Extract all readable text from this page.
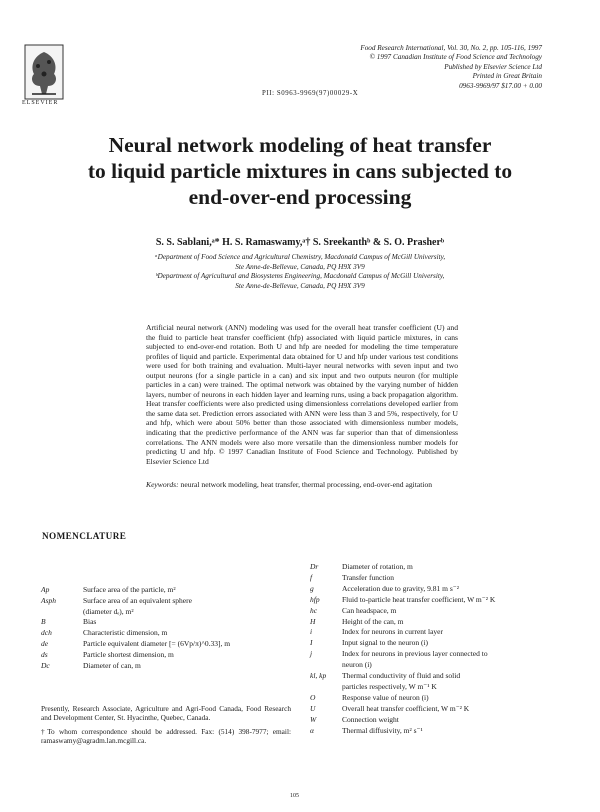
ELSEVIER
Food Research International, Vol. 30, No. 2, pp. 105-116, 1997
© 1997 Canadian Institute of Food Science and Technology
Published by Elsevier Science Ltd
Printed in Great Britain
0963-9969/97 $17.00 + 0.00
PII: S0963-9969(97)00029-X
Neural network modeling of heat transfer
to liquid particle mixtures in cans subjected to
end-over-end processing
S. S. Sablani,ᵃ* H. S. Ramaswamy,ᵃ† S. Sreekanthᵇ & S. O. Prasherᵇ
ᵃDepartment of Food Science and Agricultural Chemistry, Macdonald Campus of McGill University,
Ste Anne-de-Bellevue, Canada, PQ H9X 3V9
ᵇDepartment of Agricultural and Biosystems Engineering, Macdonald Campus of McGill University,
Ste Anne-de-Bellevue, Canada, PQ H9X 3V9
Artificial neural network (ANN) modeling was used for the overall heat transfer coefficient (U) and the fluid to particle heat transfer coefficient (hfp) associated with liquid particle mixtures, in cans subjected to end-over-end rotation. Both U and hfp are needed for modeling the time temperature profiles of liquid and particle. Experimental data obtained for U and hfp under various test conditions were used for both training and evaluation. Multi-layer neural networks with seven input and two output neurons (for a single particle in a can) and six input and two outputs neuron (for multiple particles in a can) were trained. The optimal network was obtained by the varying number of hidden layers, number of neurons in each hidden layer and learning runs, using a back propagation algorithm. Heat transfer coefficients were also predicted using dimensionless correlations developed earlier from the same data set. Prediction errors associated with ANN were less than 3 and 5%, respectively, for U and hfp, which were about 50% better than those associated with dimensionless number models, indicating that the predictive performance of the ANN was far superior than that of dimensionless correlations. The ANN models were also more versatile than the dimensionless number models for predicting U and hfp. © 1997 Canadian Institute of Food Science and Technology. Published by Elsevier Science Ltd
Keywords: neural network modeling, heat transfer, thermal processing, end-over-end agitation
NOMENCLATURE
Ap	Surface area of the particle, m²
Asph	Surface area of an equivalent sphere
(diameter dₑ), m²
B	Bias
dch	Characteristic dimension, m
de	Particle equivalent diameter [= (6Vp/π)^0.33], m
ds	Particle shortest dimension, m
Dc	Diameter of can, m
Dr	Diameter of rotation, m
f	Transfer function
g	Acceleration due to gravity, 9.81 m s⁻²
hfp	Fluid to-particle heat transfer coefficient, W m⁻² K
hc	Can headspace, m
H	Height of the can, m
i	Index for neurons in current layer
I	Input signal to the neuron (i)
j	Index for neurons in previous layer connected to
neuron (i)
kl, kp Thermal conductivity of fluid and solid
particles respectively, W m⁻¹ K
O	Response value of neuron (i)
U	Overall heat transfer coefficient, W m⁻² K
W	Connection weight
α	Thermal diffusivity, m² s⁻¹
Presently, Research Associate, Agriculture and Agri-Food Canada, Food Research and Development Center, St. Hyacinthe, Quebec, Canada.
†To whom correspondence should be addressed. Fax: (514) 398-7977; email: ramaswamy@agradm.lan.mcgill.ca.
105
